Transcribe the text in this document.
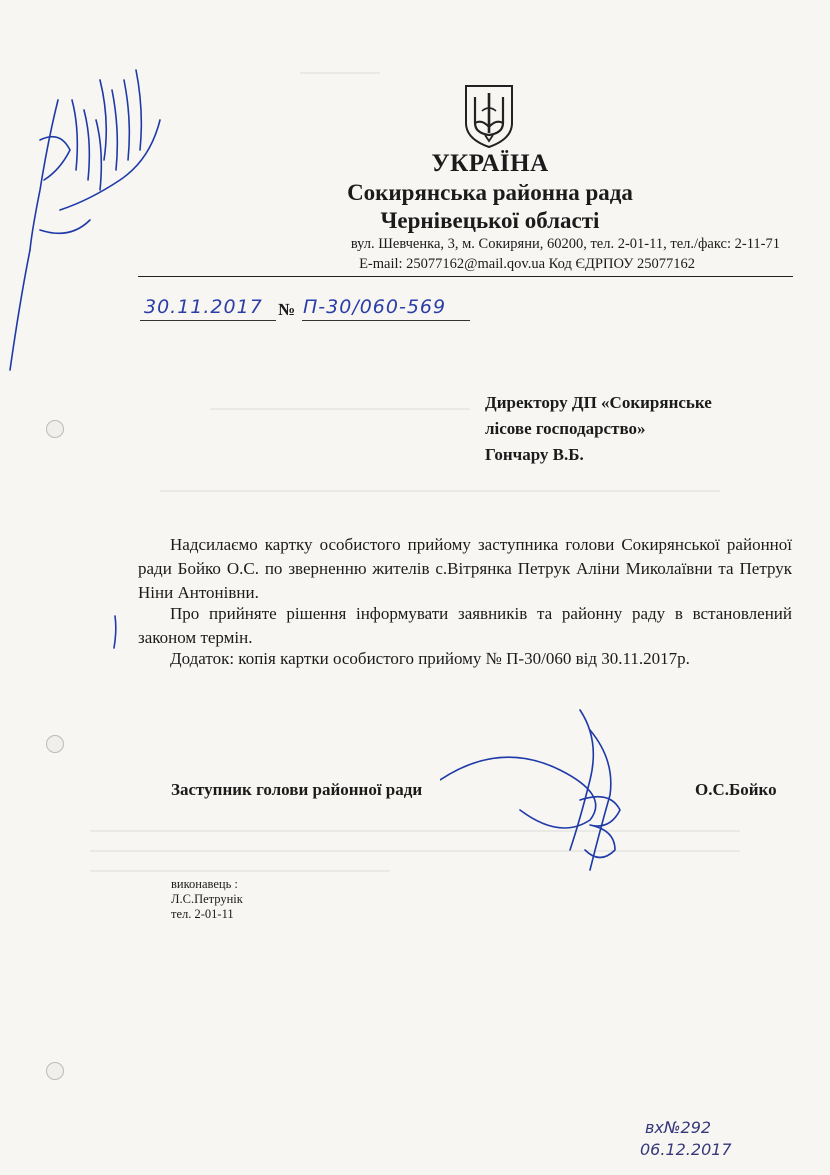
УКРАЇНА
Сокирянська районна рада
Чернівецької області
вул. Шевченка, 3, м. Сокиряни, 60200, тел. 2-01-11, тел./факс: 2-11-71
E-mail: 25077162@mail.qov.ua Код ЄДРПОУ 25077162
30.11.2017 № П-30/060-569
Директору ДП «Сокирянське
лісове господарство»
Гончару В.Б.
Надсилаємо картку особистого прийому заступника голови Сокирянської районної ради Бойко О.С. по зверненню жителів с.Вітрянка Петрук Аліни Миколаївни та Петрук Ніни Антонівни.
Про прийняте рішення інформувати заявників та районну раду в встановлений законом термін.
Додаток: копія картки особистого прийому № П-30/060 від 30.11.2017р.
Заступник голови районної ради	О.С.Бойко
виконавець :
Л.С.Петрунік
тел. 2-01-11
вх№292
06.12.2017
